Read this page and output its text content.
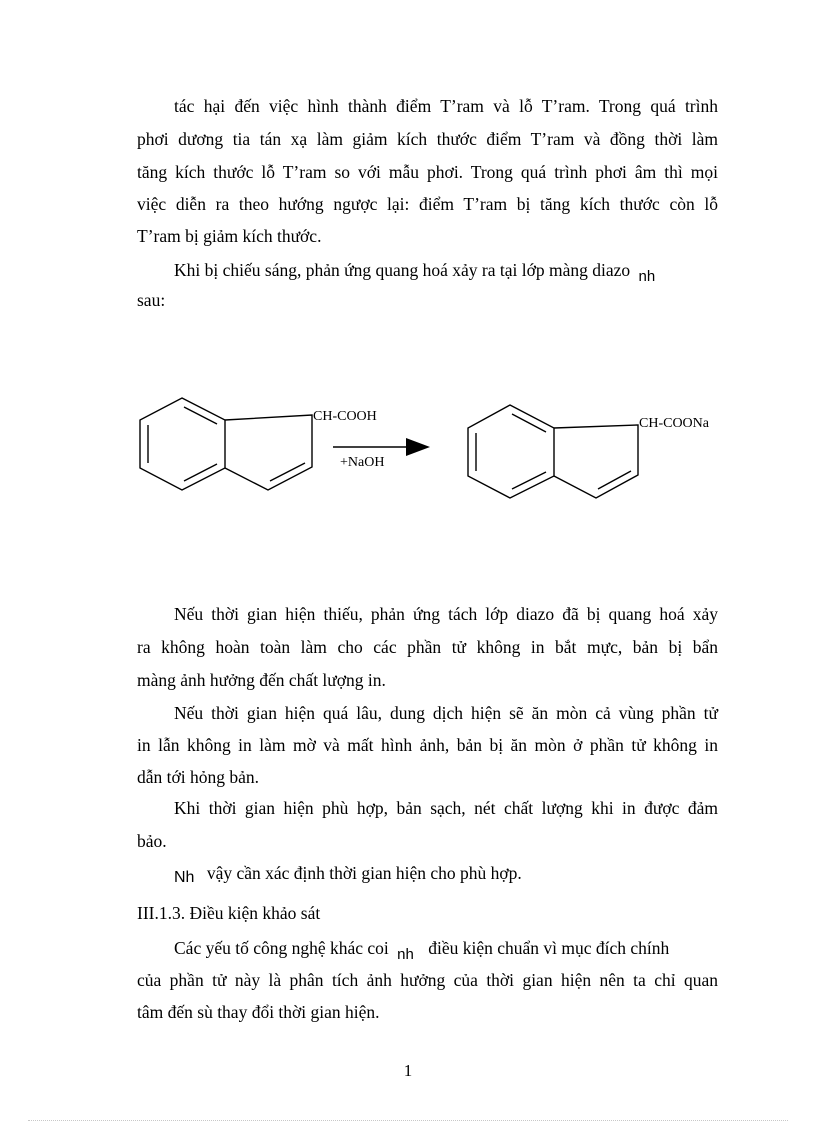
tác hại đến việc hình thành điểm T’ram và lỗ T’ram. Trong quá trình
phơi dương tia tán xạ làm giảm kích thước điểm T’ram và đồng thời làm
tăng kích thước lỗ T’ram so với mẫu phơi. Trong quá trình phơi âm thì mọi
việc diễn ra theo hướng ngược lại: điểm T’ram bị tăng kích thước còn lỗ
T’ram bị giảm kích thước.
Khi bị chiếu sáng, phản ứng quang hoá xảy ra tại lớp màng diazo nh
sau:
CH-COOH
+NaOH
CH-COONa
Nếu thời gian hiện thiếu, phản ứng tách lớp diazo đã bị quang hoá xảy
ra không hoàn toàn làm cho các phần tử không in bắt mực, bản bị bẩn
màng ảnh hưởng đến chất lượng in.
Nếu thời gian hiện quá lâu, dung dịch hiện sẽ ăn mòn cả vùng phần tử
in lẫn không in làm mờ và mất hình ảnh, bản bị ăn mòn ở phần tử không in
dẫn tới hỏng bản.
Khi thời gian hiện phù hợp, bản sạch, nét chất lượng khi in được đảm
bảo.
Nh vậy cần xác định thời gian hiện cho phù hợp.
III.1.3. Điều kiện khảo sát
Các yếu tố công nghệ khác coi nh điều kiện chuẩn vì mục đích chính
của phần tử này là phân tích ảnh hưởng của thời gian hiện nên ta chỉ quan
tâm đến sù thay đổi thời gian hiện.
1
